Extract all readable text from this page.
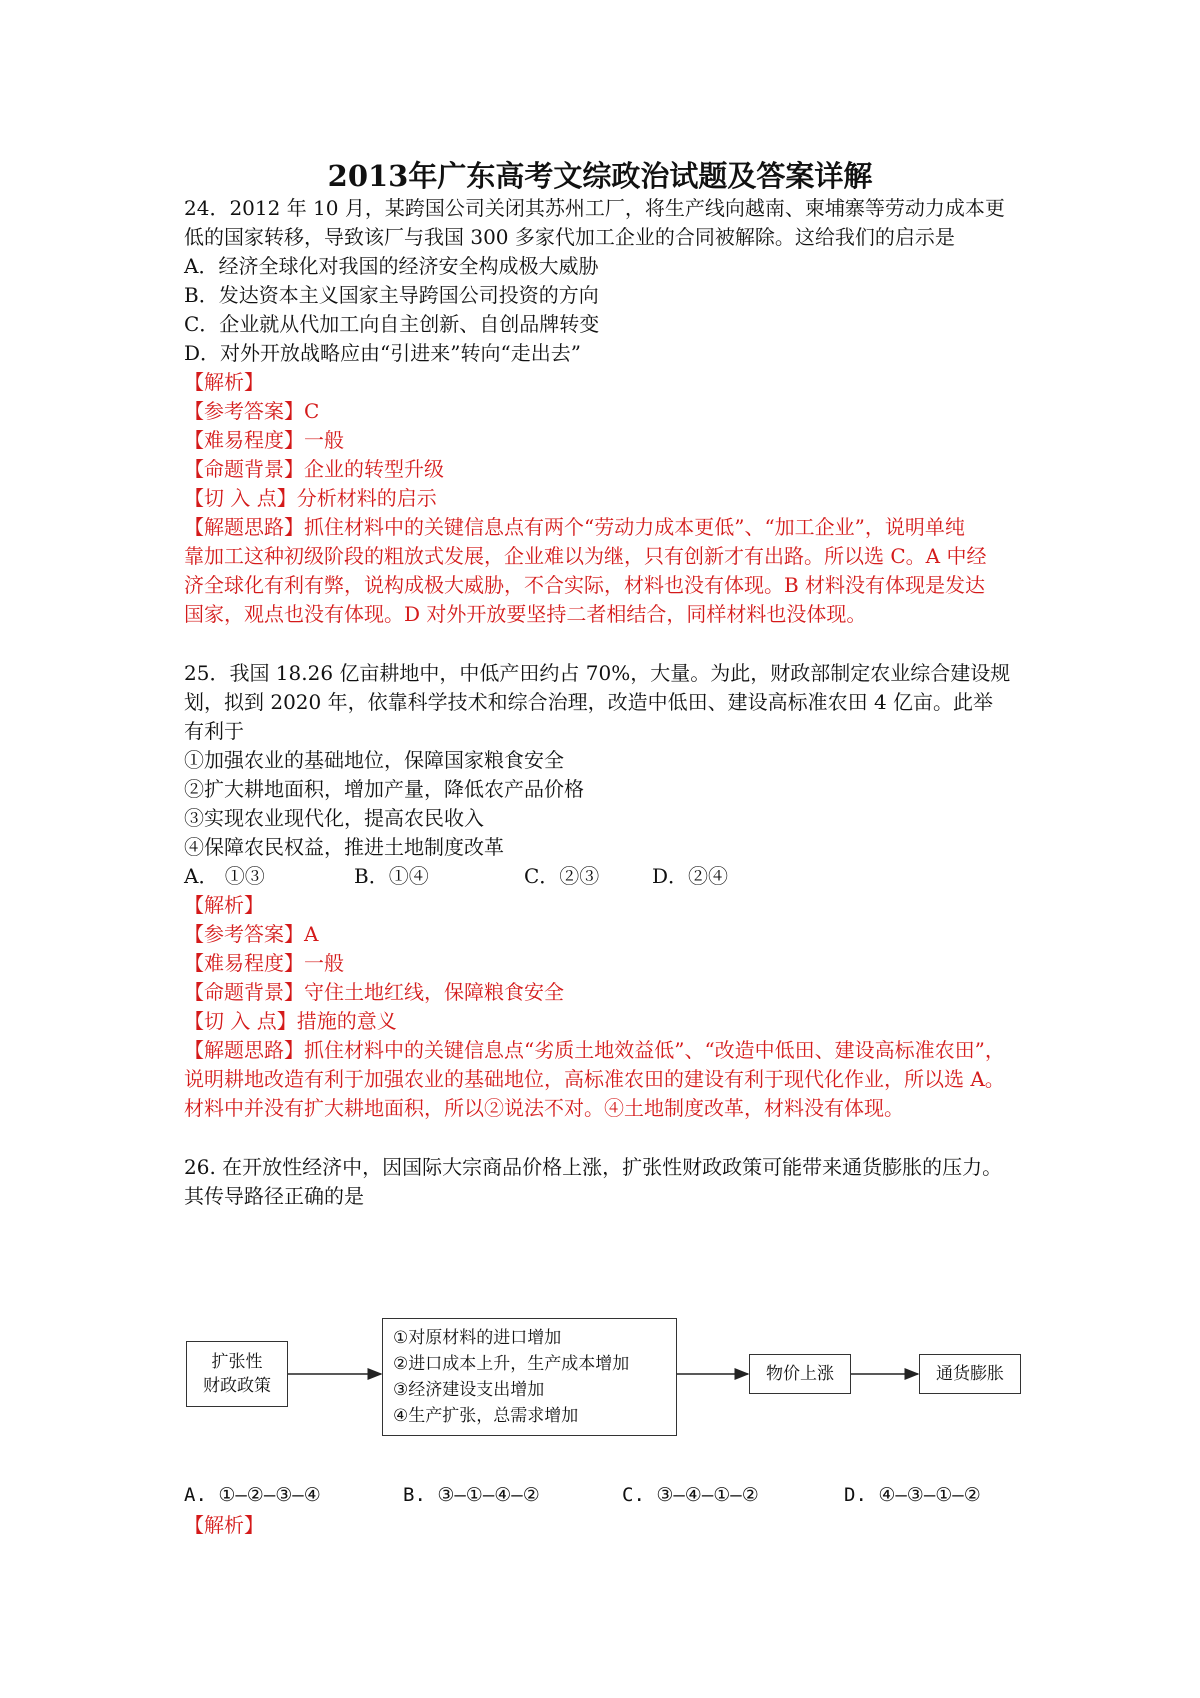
2013年广东高考文综政治试题及答案详解
24．2012 年 10 月，某跨国公司关闭其苏州工厂，将生产线向越南、柬埔寨等劳动力成本更
低的国家转移，导致该厂与我国 300 多家代加工企业的合同被解除。这给我们的启示是
A．经济全球化对我国的经济安全构成极大威胁
B．发达资本主义国家主导跨国公司投资的方向
C．企业就从代加工向自主创新、自创品牌转变
D．对外开放战略应由“引进来”转向“走出去”
【解析】
【参考答案】C
【难易程度】一般
【命题背景】企业的转型升级
【切 入 点】分析材料的启示
【解题思路】抓住材料中的关键信息点有两个“劳动力成本更低”、“加工企业”，说明单纯
靠加工这种初级阶段的粗放式发展，企业难以为继，只有创新才有出路。所以选 C。A 中经
济全球化有利有弊，说构成极大威胁，不合实际，材料也没有体现。B 材料没有体现是发达
国家，观点也没有体现。D 对外开放要坚持二者相结合，同样材料也没体现。
25．我国 18.26 亿亩耕地中，中低产田约占 70%，大量。为此，财政部制定农业综合建设规
划，拟到 2020 年，依靠科学技术和综合治理，改造中低田、建设高标准农田 4 亿亩。此举
有利于
①加强农业的基础地位，保障国家粮食安全
②扩大耕地面积，增加产量，降低农产品价格
③实现农业现代化，提高农民收入
④保障农民权益，推进土地制度改革
A． ①③	B．①④	C．②③	D．②④
【解析】
【参考答案】A
【难易程度】一般
【命题背景】守住土地红线，保障粮食安全
【切 入 点】措施的意义
【解题思路】抓住材料中的关键信息点“劣质土地效益低”、“改造中低田、建设高标准农田”，
说明耕地改造有利于加强农业的基础地位，高标准农田的建设有利于现代化作业，所以选 A。
材料中并没有扩大耕地面积，所以②说法不对。④土地制度改革，材料没有体现。
26. 在开放性经济中，因国际大宗商品价格上涨，扩张性财政政策可能带来通货膨胀的压力。
其传导路径正确的是
扩张性
财政政策
①对原材料的进口增加
②进口成本上升，生产成本增加
③经济建设支出增加
④生产扩张，总需求增加
物价上涨	通货膨胀
A. ①—②—③—④	B. ③—①—④—②	C. ③—④—①—②	D. ④—③—①—②
【解析】
